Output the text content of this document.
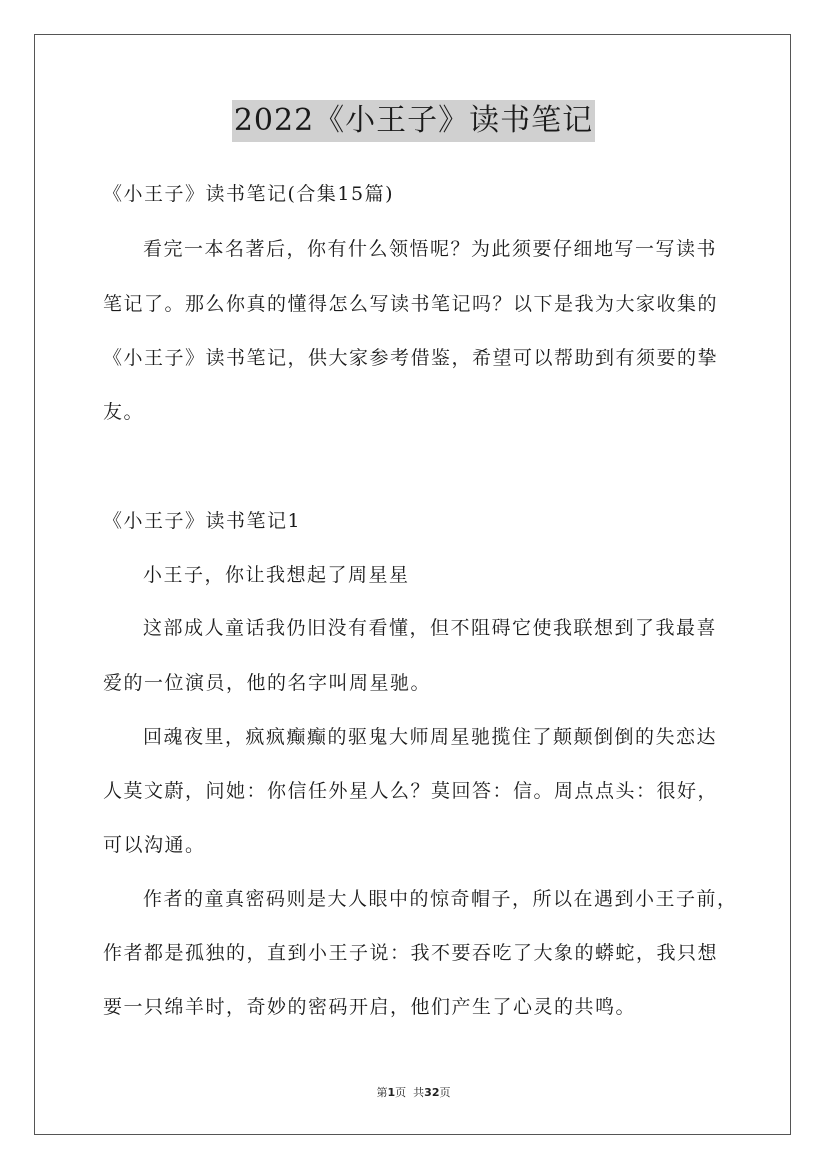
2022《小王子》读书笔记
《小王子》读书笔记(合集15篇)
看完一本名著后，你有什么领悟呢？为此须要仔细地写一写读书
笔记了。那么你真的懂得怎么写读书笔记吗？以下是我为大家收集的
《小王子》读书笔记，供大家参考借鉴，希望可以帮助到有须要的挚
友。
《小王子》读书笔记1
小王子，你让我想起了周星星
这部成人童话我仍旧没有看懂，但不阻碍它使我联想到了我最喜
爱的一位演员，他的名字叫周星驰。
回魂夜里，疯疯癫癫的驱鬼大师周星驰揽住了颠颠倒倒的失恋达
人莫文蔚，问她：你信任外星人么？莫回答：信。周点点头：很好，
可以沟通。
作者的童真密码则是大人眼中的惊奇帽子，所以在遇到小王子前，
作者都是孤独的，直到小王子说：我不要吞吃了大象的蟒蛇，我只想
要一只绵羊时，奇妙的密码开启，他们产生了心灵的共鸣。
第1页 共32页
